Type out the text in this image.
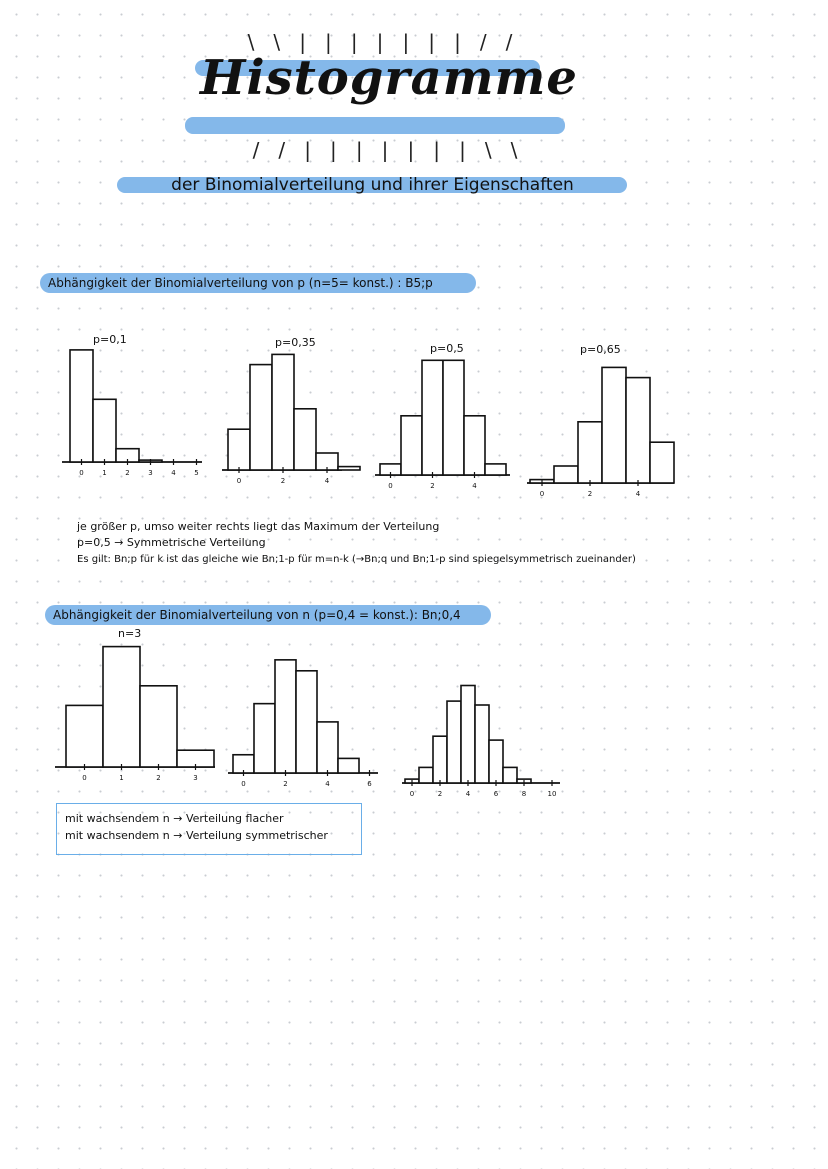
\   \   |   |   |   |   |   |   |   /   /
Histogramme
/   /   |   |   |   |   |   |   |   \   \
der Binomialverteilung und ihrer Eigenschaften
Abhängigkeit der Binomialverteilung von p (n=5= konst.) : B5;p
p=0,1	p=0,35	p=0,5	p=0,65
je größer p, umso weiter rechts liegt das Maximum der Verteilung
p=0,5 → Symmetrische Verteilung
Es gilt: Bn;p für k ist das gleiche wie Bn;1-p für m=n-k (→Bn;q und Bn;1-p sind spiegelsymmetrisch zueinander)
Abhängigkeit der Binomialverteilung von n (p=0,4 = konst.): Bn;0,4
n=3
mit wachsendem n → Verteilung flacher
mit wachsendem n → Verteilung symmetrischer
0	1	2	3	4	5
0	2	4
0	2	4
0	2	4
0	1	2	3
0	2	4	6
0	2	4	6	8	10
